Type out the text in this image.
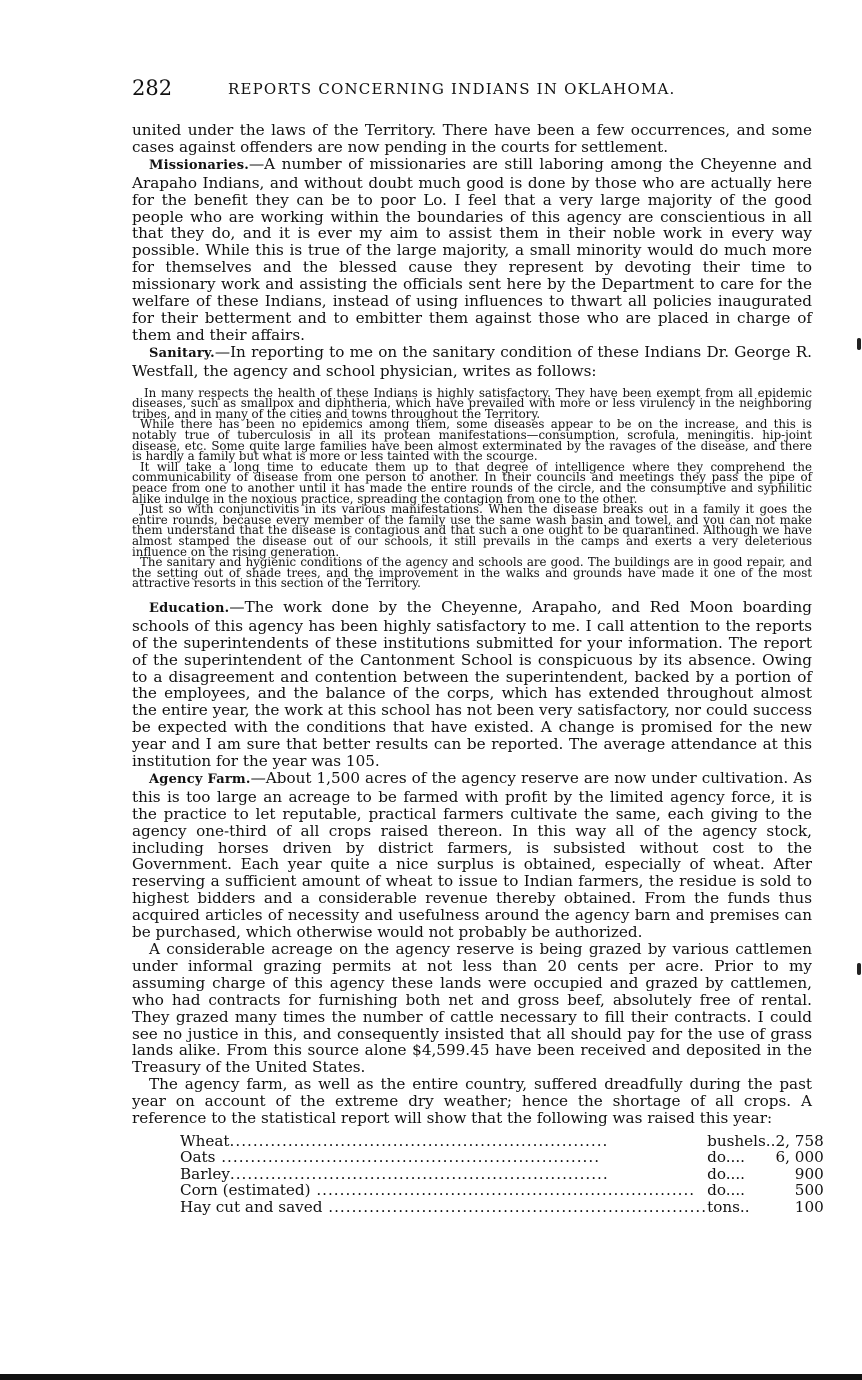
282	REPORTS CONCERNING INDIANS IN OKLAHOMA.

united under the laws of the Territory. There have been a few occurrences, and some cases against offenders are now pending in the courts for settlement.

Missionaries.—A number of missionaries are still laboring among the Cheyenne and Arapaho Indians, and without doubt much good is done by those who are actually here for the benefit they can be to poor Lo. I feel that a very large majority of the good people who are working within the boundaries of this agency are conscientious in all that they do, and it is ever my aim to assist them in their noble work in every way possible. While this is true of the large majority, a small minority would do much more for themselves and the blessed cause they represent by devoting their time to missionary work and assisting the officials sent here by the Department to care for the welfare of these Indians, instead of using influences to thwart all policies inaugurated for their betterment and to embitter them against those who are placed in charge of them and their affairs.

Sanitary.—In reporting to me on the sanitary condition of these Indians Dr. George R. Westfall, the agency and school physician, writes as follows:

In many respects the health of these Indians is highly satisfactory. They have been exempt from all epidemic diseases, such as smallpox and diphtheria, which have prevailed with more or less virulency in the neighboring tribes, and in many of the cities and towns throughout the Territory.

While there has been no epidemics among them, some diseases appear to be on the increase, and this is notably true of tuberculosis in all its protean manifestations—consumption, scrofula, meningitis. hip-joint disease, etc. Some quite large families have been almost exterminated by the ravages of the disease, and there is hardly a family but what is more or less tainted with the scourge.

It will take a long time to educate them up to that degree of intelligence where they comprehend the communicability of disease from one person to another. In their councils and meetings they pass the pipe of peace from one to another until it has made the entire rounds of the circle, and the consumptive and syphilitic alike indulge in the noxious practice, spreading the contagion from one to the other.

Just so with conjunctivitis in its various manifestations. When the disease breaks out in a family it goes the entire rounds, because every member of the family use the same wash basin and towel, and you can not make them understand that the disease is contagious and that such a one ought to be quarantined. Although we have almost stamped the disease out of our schools, it still prevails in the camps and exerts a very deleterious influence on the rising generation.

The sanitary and hygienic conditions of the agency and schools are good. The buildings are in good repair, and the setting out of shade trees, and the improvement in the walks and grounds have made it one of the most attractive resorts in this section of the Territory.

Education.—The work done by the Cheyenne, Arapaho, and Red Moon boarding schools of this agency has been highly satisfactory to me. I call attention to the reports of the superintendents of these institutions submitted for your information. The report of the superintendent of the Cantonment School is conspicuous by its absence. Owing to a disagreement and contention between the superintendent, backed by a portion of the employees, and the balance of the corps, which has extended throughout almost the entire year, the work at this school has not been very satisfactory, nor could success be expected with the conditions that have existed. A change is promised for the new year and I am sure that better results can be reported. The average attendance at this institution for the year was 105.

Agency Farm.—About 1,500 acres of the agency reserve are now under cultivation. As this is too large an acreage to be farmed with profit by the limited agency force, it is the practice to let reputable, practical farmers cultivate the same, each giving to the agency one-third of all crops raised thereon. In this way all of the agency stock, including horses driven by district farmers, is subsisted without cost to the Government. Each year quite a nice surplus is obtained, especially of wheat. After reserving a sufficient amount of wheat to issue to Indian farmers, the residue is sold to highest bidders and a considerable revenue thereby obtained. From the funds thus acquired articles of necessity and usefulness around the agency barn and premises can be purchased, which otherwise would not probably be authorized.

A considerable acreage on the agency reserve is being grazed by various cattlemen under informal grazing permits at not less than 20 cents per acre. Prior to my assuming charge of this agency these lands were occupied and grazed by cattlemen, who had contracts for furnishing both net and gross beef, absolutely free of rental. They grazed many times the number of cattle necessary to fill their contracts. I could see no justice in this, and consequently insisted that all should pay for the use of grass lands alike. From this source alone $4,599.45 have been received and deposited in the Treasury of the United States.

The agency farm, as well as the entire country, suffered dreadfully during the past year on account of the extreme dry weather; hence the shortage of all crops. A reference to the statistical report will show that the following was raised this year:

Wheat.................................................................	bushels..	2, 758
Oats .................................................................	do....	6, 000
Barley.................................................................	do....	900
Corn (estimated) .................................................................	do....	500
Hay cut and saved .................................................................	tons..	100
